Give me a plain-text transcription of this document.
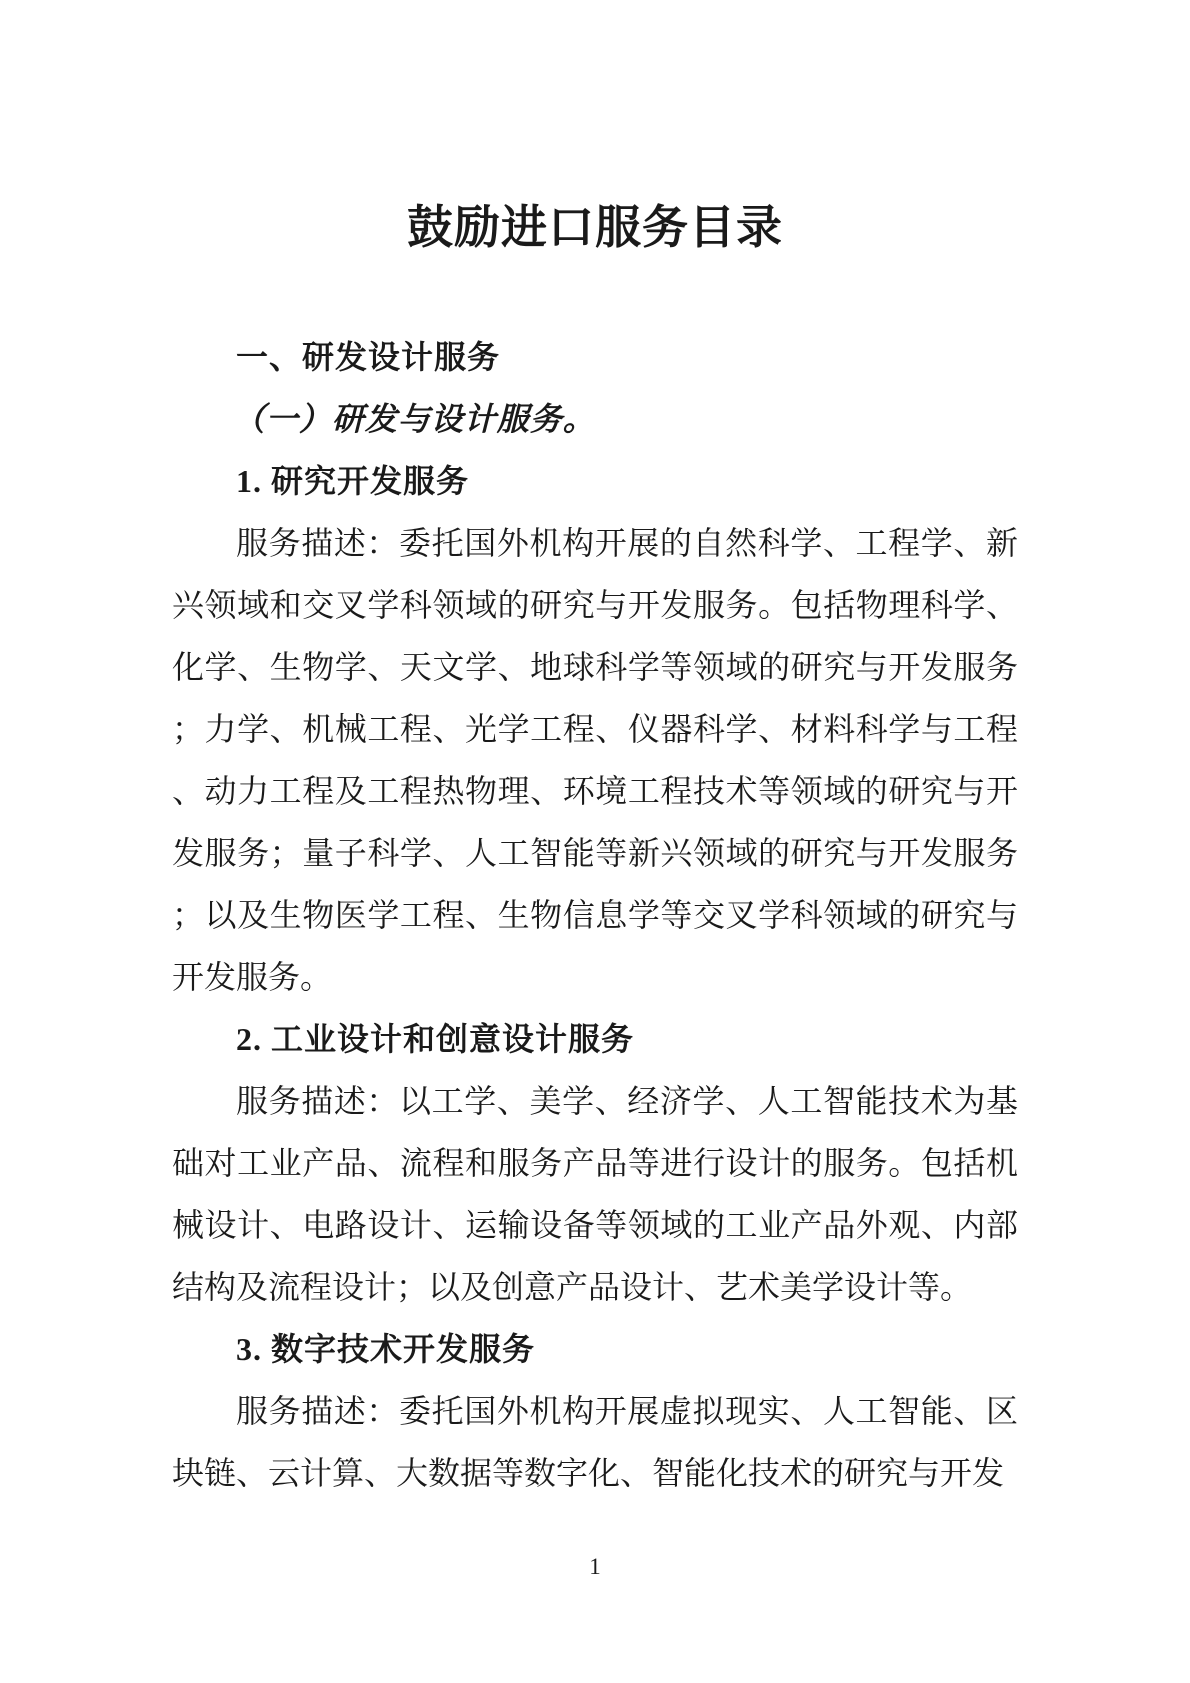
鼓励进口服务目录

一、研发设计服务

（一）研发与设计服务。

1. 研究开发服务

服务描述：委托国外机构开展的自然科学、工程学、新兴领域和交叉学科领域的研究与开发服务。包括物理科学、化学、生物学、天文学、地球科学等领域的研究与开发服务；力学、机械工程、光学工程、仪器科学、材料科学与工程、动力工程及工程热物理、环境工程技术等领域的研究与开发服务；量子科学、人工智能等新兴领域的研究与开发服务；以及生物医学工程、生物信息学等交叉学科领域的研究与开发服务。

2. 工业设计和创意设计服务

服务描述：以工学、美学、经济学、人工智能技术为基础对工业产品、流程和服务产品等进行设计的服务。包括机械设计、电路设计、运输设备等领域的工业产品外观、内部结构及流程设计；以及创意产品设计、艺术美学设计等。

3. 数字技术开发服务

服务描述：委托国外机构开展虚拟现实、人工智能、区块链、云计算、大数据等数字化、智能化技术的研究与开发

1
